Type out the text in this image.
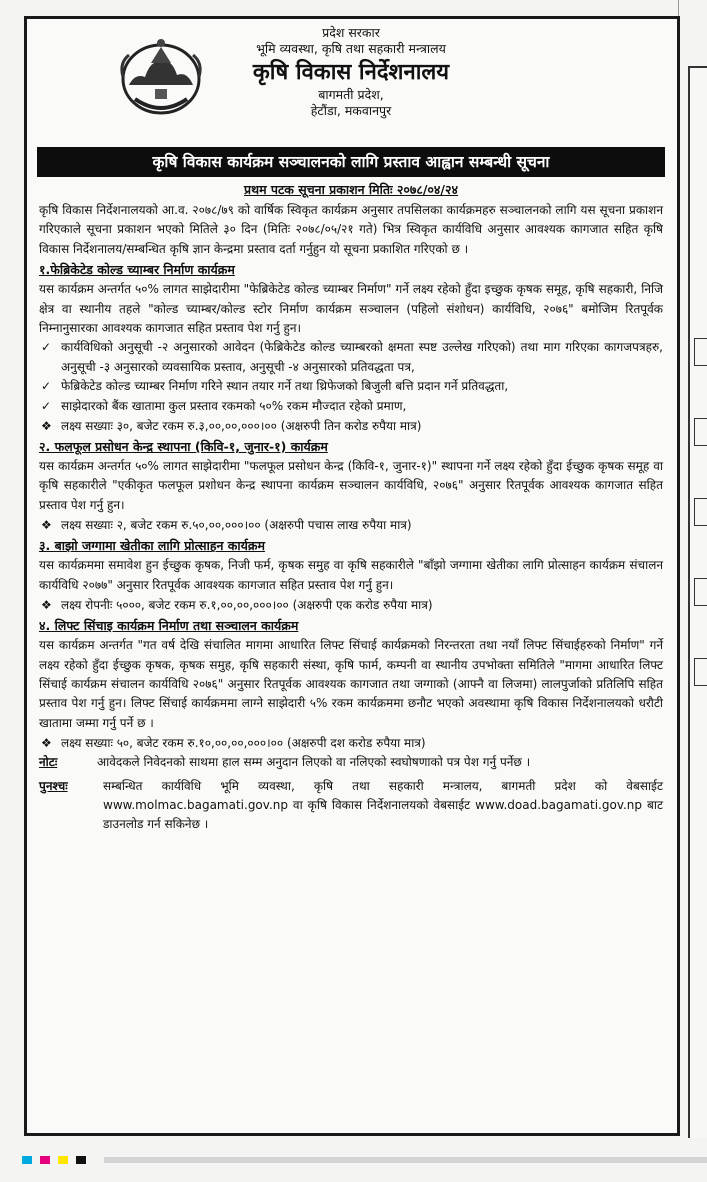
प्रदेश सरकार
भूमि व्यवस्था, कृषि तथा सहकारी मन्त्रालय
कृषि विकास निर्देशनालय
बागमती प्रदेश,
हेटौंडा, मकवानपुर
कृषि विकास कार्यक्रम सञ्चालनको लागि प्रस्ताव आह्वान सम्बन्धी सूचना
प्रथम पटक सूचना प्रकाशन मितिः २०७८/०४/२४

कृषि विकास निर्देशनालयको आ.व. २०७८/७९ को वार्षिक स्विकृत कार्यक्रम अनुसार तपसिलका कार्यक्रमहरु सञ्चालनको लागि यस सूचना प्रकाशन गरिएकाले सूचना प्रकाशन भएको मितिले ३० दिन (मितिः २०७८/०५/२१ गते) भित्र स्विकृत कार्यविधि अनुसार आवश्यक कागजात सहित कृषि विकास निर्देशनालय/सम्बन्धित कृषि ज्ञान केन्द्रमा प्रस्ताव दर्ता गर्नुहुन यो सूचना प्रकाशित गरिएको छ ।

१.फेब्रिकेटेड कोल्ड च्याम्बर निर्माण कार्यक्रम

यस कार्यक्रम अन्तर्गत ५०% लागत साझेदारीमा "फेब्रिकेटेड कोल्ड च्याम्बर निर्माण" गर्ने लक्ष्य रहेको हुँदा इच्छुक कृषक समूह, कृषि सहकारी, निजि क्षेत्र वा स्थानीय तहले "कोल्ड च्याम्बर/कोल्ड स्टोर निर्माण कार्यक्रम सञ्चालन (पहिलो संशोधन) कार्यविधि, २०७६" बमोजिम रितपूर्वक निम्नानुसारका आवश्यक कागजात सहित प्रस्ताव पेश गर्नु हुन।

✓ कार्यविधिको अनुसूची -२ अनुसारको आवेदन (फेब्रिकेटेड कोल्ड च्याम्बरको क्षमता स्पष्ट उल्लेख गरिएको) तथा माग गरिएका कागजपत्रहरु, अनुसूची -३ अनुसारको व्यवसायिक प्रस्ताव, अनुसूची -४ अनुसारको प्रतिवद्धता पत्र,
✓ फेब्रिकेटेड कोल्ड च्याम्बर निर्माण गरिने स्थान तयार गर्ने तथा थ्रिफेजको बिजुली बत्ति प्रदान गर्ने प्रतिवद्धता,
✓ साझेदारको बैंक खातामा कुल प्रस्ताव रकमको ५०% रकम मौज्दात रहेको प्रमाण,
❖ लक्ष्य सख्याः ३०, बजेट रकम रु.३,००,००,०००।०० (अक्षरुपी तिन करोड रुपैया मात्र)
२. फलफूल प्रसोधन केन्द्र स्थापना (किवि-१, जुनार-१) कार्यक्रम

यस कार्यक्रम अन्तर्गत ५०% लागत साझेदारीमा "फलफूल प्रसोधन केन्द्र (किवि-१, जुनार-१)" स्थापना गर्ने लक्ष्य रहेको हुँदा ईच्छुक कृषक समूह वा कृषि सहकारीले "एकीकृत फलफूल प्रशोधन केन्द्र स्थापना कार्यक्रम सञ्चालन कार्यविधि, २०७६" अनुसार रितपूर्वक आवश्यक कागजात सहित प्रस्ताव पेश गर्नु हुन।

❖ लक्ष्य सख्याः २, बजेट रकम रु.५०,००,०००।०० (अक्षरुपी पचास लाख रुपैया मात्र)
३. बाझो जग्गामा खेतीका लागि प्रोत्साहन कार्यक्रम

यस कार्यक्रममा समावेश हुन ईच्छुक कृषक, निजी फर्म, कृषक समुह वा कृषि सहकारीले "बाँझो जग्गामा खेतीका लागि प्रोत्साहन कार्यक्रम संचालन कार्यविधि २०७७" अनुसार रितपूर्वक आवश्यक कागजात सहित प्रस्ताव पेश गर्नु हुन।

❖ लक्ष्य रोपनीः ५०००, बजेट रकम रु.१,००,००,०००।०० (अक्षरुपी एक करोड रुपैया मात्र)
४. लिफ्ट सिंचाइ कार्यक्रम निर्माण तथा सञ्चालन कार्यक्रम

यस कार्यक्रम अन्तर्गत "गत वर्ष देखि संचालित मागमा आधारित लिफ्ट सिंचाई कार्यक्रमको निरन्तरता तथा नयाँ लिफ्ट सिंचाईहरुको निर्माण" गर्ने लक्ष्य रहेको हुँदा ईच्छुक कृषक, कृषक समुह, कृषि सहकारी संस्था, कृषि फार्म, कम्पनी वा स्थानीय उपभोक्ता समितिले "मागमा आधारित लिफ्ट सिंचाई कार्यक्रम संचालन कार्यविधि २०७६" अनुसार रितपूर्वक आवश्यक कागजात तथा जग्गाको (आफ्नै वा लिजमा) लालपुर्जाको प्रतिलिपि सहित प्रस्ताव पेश गर्नु हुन। लिफ्ट सिंचाई कार्यक्रममा लाग्ने साझेदारी ५% रकम कार्यक्रममा छनौट भएको अवस्थामा कृषि विकास निर्देशनालयको धरौटी खातामा जम्मा गर्नु पर्ने छ ।

❖ लक्ष्य सख्याः ५०, बजेट रकम रु.१०,००,००,०००।०० (अक्षरुपी दश करोड रुपैया मात्र)
नोटः	आवेदकले निवेदनको साथमा हाल सम्म अनुदान लिएको वा नलिएको स्वघोषणाको पत्र पेश गर्नु पर्नेछ ।
पुनश्चः	सम्बन्धित कार्यविधि भूमि व्यवस्था, कृषि तथा सहकारी मन्त्रालय, बागमती प्रदेश को वेबसाईट www.molmac.bagamati.gov.np वा कृषि विकास निर्देशनालयको वेबसाईट www.doad.bagamati.gov.np बाट डाउनलोड गर्न सकिनेछ ।
